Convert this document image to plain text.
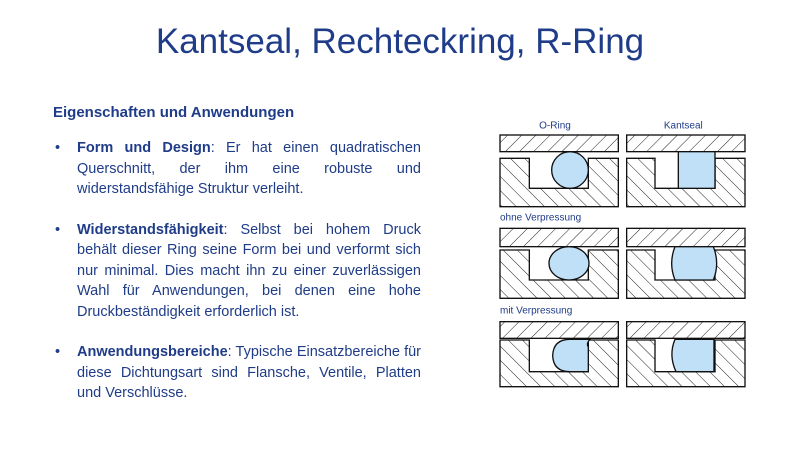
Kantseal, Rechteckring, R-Ring
Eigenschaften und Anwendungen
• Form und Design: Er hat einen quadratischen Querschnitt, der ihm eine robuste und widerstandsfähige Struktur verleiht.
• Widerstandsfähigkeit: Selbst bei hohem Druck behält dieser Ring seine Form bei und verformt sich nur minimal. Dies macht ihn zu einer zuverlässigen Wahl für Anwendungen, bei denen eine hohe Druckbeständigkeit erforderlich ist.
• Anwendungsbereiche: Typische Einsatzbereiche für diese Dichtungsart sind Flansche, Ventile, Platten und Verschlüsse.
O-Ring	Kantseal
ohne Verpressung
mit Verpressung
